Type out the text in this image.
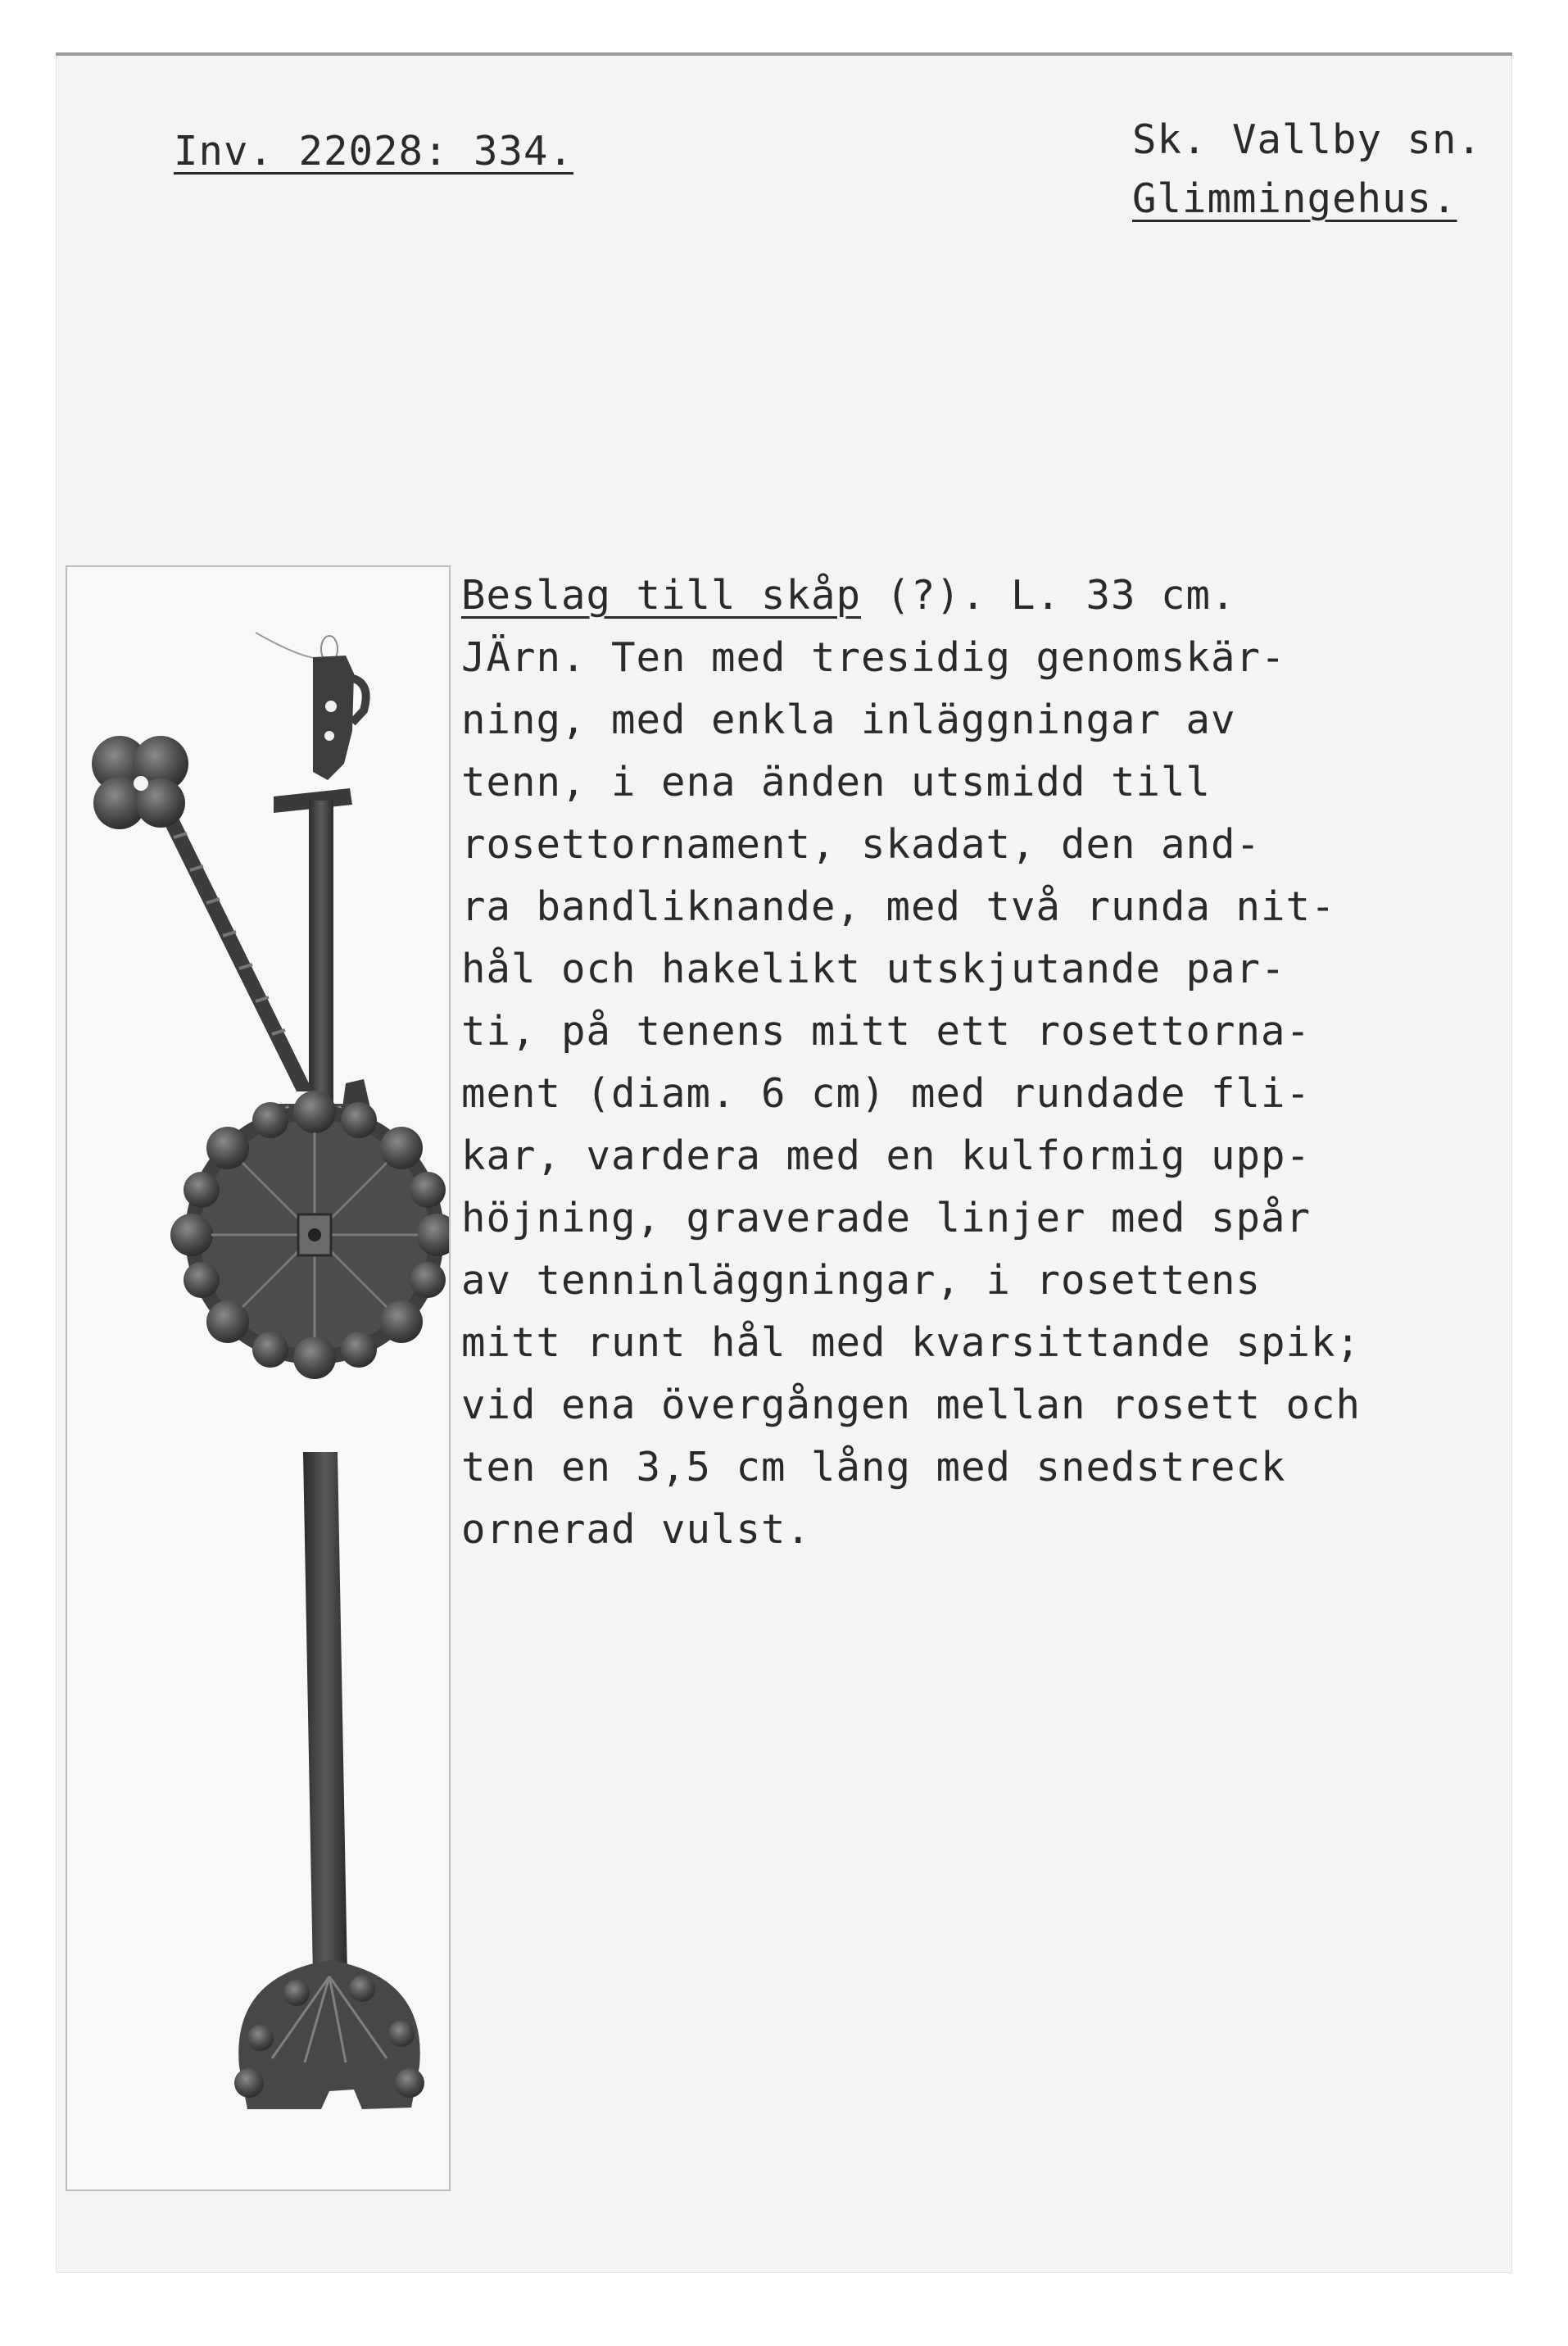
Inv. 22028: 334.	Sk. Vallby sn.
Glimmingehus.
Beslag till skåp (?). L. 33 cm.
JÄrn. Ten med tresidig genomskär-
ning, med enkla inläggningar av
tenn, i ena änden utsmidd till
rosettornament, skadat, den and-
ra bandliknande, med två runda nit-
hål och hakelikt utskjutande par-
ti, på tenens mitt ett rosettorna-
ment (diam. 6 cm) med rundade fli-
kar, vardera med en kulformig upp-
höjning, graverade linjer med spår
av tenninläggningar, i rosettens
mitt runt hål med kvarsittande spik;
vid ena övergången mellan rosett och
ten en 3,5 cm lång med snedstreck
ornerad vulst.
